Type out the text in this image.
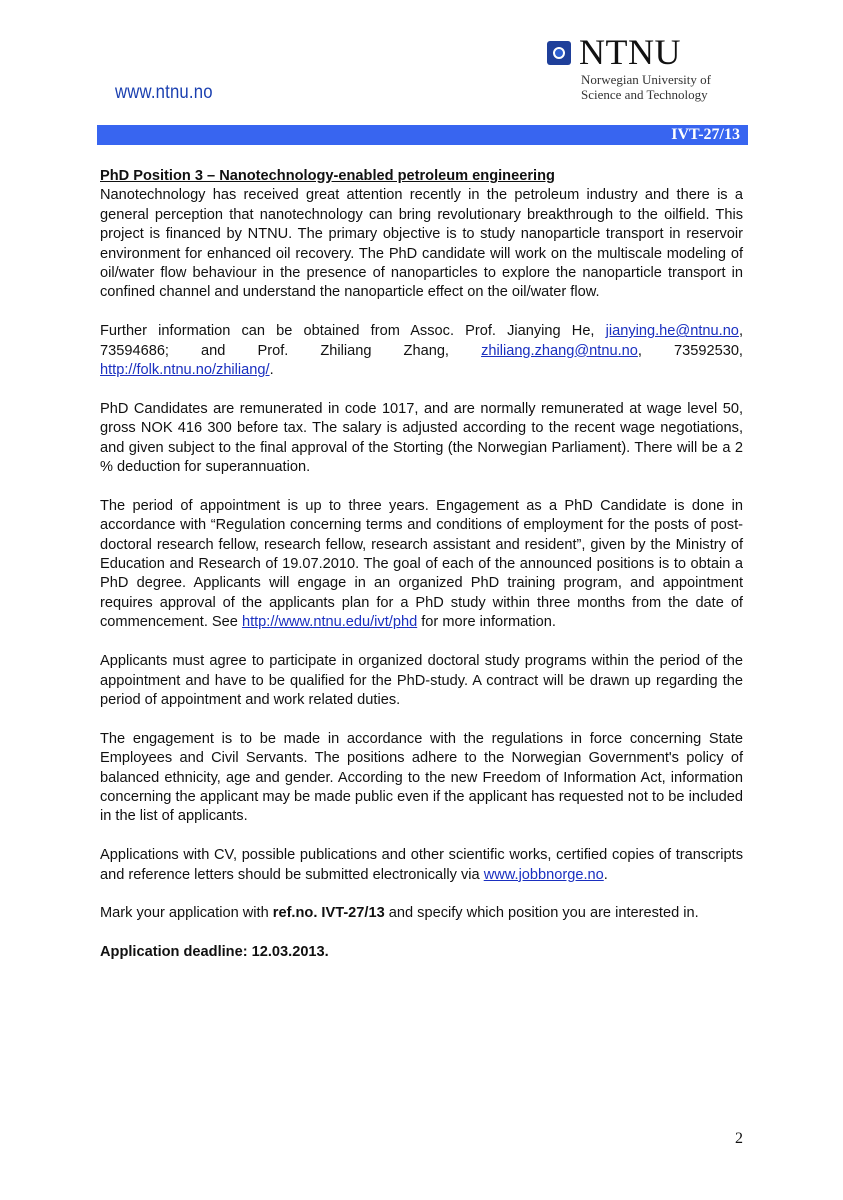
www.ntnu.no
NTNU
Norwegian University of
Science and Technology
IVT-27/13

PhD Position 3 – Nanotechnology-enabled petroleum engineering
Nanotechnology has received great attention recently in the petroleum industry and there is a general perception that nanotechnology can bring revolutionary breakthrough to the oilfield. This project is financed by NTNU. The primary objective is to study nanoparticle transport in reservoir environment for enhanced oil recovery. The PhD candidate will work on the multiscale modeling of oil/water flow behaviour in the presence of nanoparticles to explore the nanoparticle transport in confined channel and understand the nanoparticle effect on the oil/water flow.

Further information can be obtained from Assoc. Prof. Jianying He, jianying.he@ntnu.no, 73594686; and Prof. Zhiliang Zhang, zhiliang.zhang@ntnu.no, 73592530, http://folk.ntnu.no/zhiliang/.

PhD Candidates are remunerated in code 1017, and are normally remunerated at wage level 50, gross NOK 416 300 before tax. The salary is adjusted according to the recent wage negotiations, and given subject to the final approval of the Storting (the Norwegian Parliament). There will be a 2 % deduction for superannuation.

The period of appointment is up to three years. Engagement as a PhD Candidate is done in accordance with “Regulation concerning terms and conditions of employment for the posts of post-doctoral research fellow, research fellow, research assistant and resident”, given by the Ministry of Education and Research of 19.07.2010. The goal of each of the announced positions is to obtain a PhD degree. Applicants will engage in an organized PhD training program, and appointment requires approval of the applicants plan for a PhD study within three months from the date of commencement. See http://www.ntnu.edu/ivt/phd for more information.

Applicants must agree to participate in organized doctoral study programs within the period of the appointment and have to be qualified for the PhD-study. A contract will be drawn up regarding the period of appointment and work related duties.

The engagement is to be made in accordance with the regulations in force concerning State Employees and Civil Servants. The positions adhere to the Norwegian Government's policy of balanced ethnicity, age and gender. According to the new Freedom of Information Act, information concerning the applicant may be made public even if the applicant has requested not to be included in the list of applicants.

Applications with CV, possible publications and other scientific works, certified copies of transcripts and reference letters should be submitted electronically via www.jobbnorge.no.

Mark your application with ref.no. IVT-27/13 and specify which position you are interested in.

Application deadline: 12.03.2013.

2
